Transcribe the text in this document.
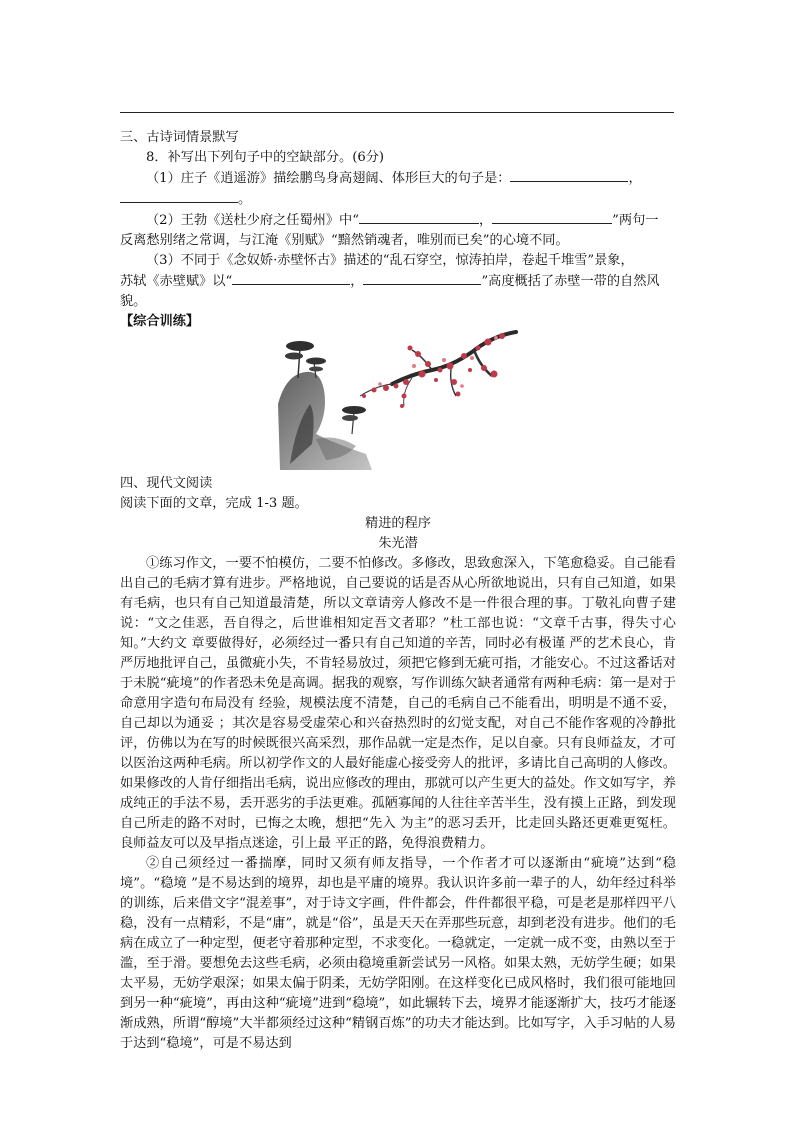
三、古诗词情景默写
8．补写出下列句子中的空缺部分。(6分)
（1）庄子《逍遥游》描绘鹏鸟身高翅阔、体形巨大的句子是：	，
。
（2）王勃《送杜少府之任蜀州》中“	，	”两句一
反离愁别绪之常调，与江淹《别赋》“黯然销魂者，唯别而已矣”的心境不同。
（3）不同于《念奴娇·赤壁怀古》描述的“乱石穿空，惊涛拍岸，卷起千堆雪”景象，
苏轼《赤壁赋》以“	，	”高度概括了赤壁一带的自然风
貌。
【综合训练】
四、现代文阅读
阅读下面的文章，完成 1-3 题。
精进的程序
朱光潜

①练习作文，一要不怕模仿，二要不怕修改。多修改，思致愈深入，下笔愈稳妥。自己能看出自己的毛病才算有进步。严格地说，自己要说的话是否从心所欲地说出，只有自己知道，如果有毛病，也只有自己知道最清楚，所以文章请旁人修改不是一件很合理的事。丁敬礼向曹子建说：“文之佳恶，吾自得之，后世谁相知定吾文者耶？”杜工部也说：“文章千古事，得失寸心知。”大约文 章要做得好，必须经过一番只有自己知道的辛苦，同时必有极谨 严的艺术良心，肯严厉地批评自己，虽微疵小失，不肯轻易放过，须把它修到无疵可指，才能安心。不过这番话对于未脱“疵境”的作者恐未免是高调。据我的观察，写作训练欠缺者通常有两种毛病：第一是对于命意用字造句布局没有 经验，规模法度不清楚，自己的毛病自己不能看出，明明是不通不妥，自己却以为通妥 ；其次是容易受虚荣心和兴奋热烈时的幻觉支配，对自己不能作客观的冷静批评，仿佛以为在写的时候既很兴高采烈，那作品就一定是杰作，足以自豪。只有良师益友，才可以医治这两种毛病。所以初学作文的人最好能虚心接受旁人的批评，多请比自己高明的人修改。如果修改的人肯仔细指出毛病，说出应修改的理由，那就可以产生更大的益处。作文如写字，养成纯正的手法不易，丢开恶劣的手法更难。孤陋寡闻的人往往辛苦半生，没有摸上正路，到发现自己所走的路不对时，已悔之太晚，想把“先入 为主”的恶习丢开，比走回头路还更难更冤枉。良师益友可以及早指点迷途，引上最 平正的路，免得浪费精力。

②自己须经过一番揣摩，同时又须有师友指导，一个作者才可以逐渐由“疵境”达到“稳境”。“稳境 ”是不易达到的境界，却也是平庸的境界。我认识许多前一辈子的人，幼年经过科举的训练，后来借文字“混差事”，对于诗文字画，件件都会，件件都很平稳，可是老是那样四平八稳，没有一点精彩，不是“庸”，就是“俗”，虽是天天在弄那些玩意，却到老没有进步。他们的毛病在成立了一种定型，便老守着那种定型，不求变化。一稳就定，一定就一成不变，由熟以至于滥，至于滑。要想免去这些毛病，必须由稳境重新尝试另一风格。如果太熟，无妨学生硬；如果太平易，无妨学艰深；如果太偏于阴柔，无妨学阳刚。在这样变化已成风格时，我们很可能地回到另一种“疵境”，再由这种“疵境”进到“稳境”，如此辗转下去，境界才能逐渐扩大，技巧才能逐渐成熟，所谓“醇境”大半都须经过这种“精钢百炼”的功夫才能达到。比如写字，入手习帖的人易于达到“稳境”，可是不易达到
